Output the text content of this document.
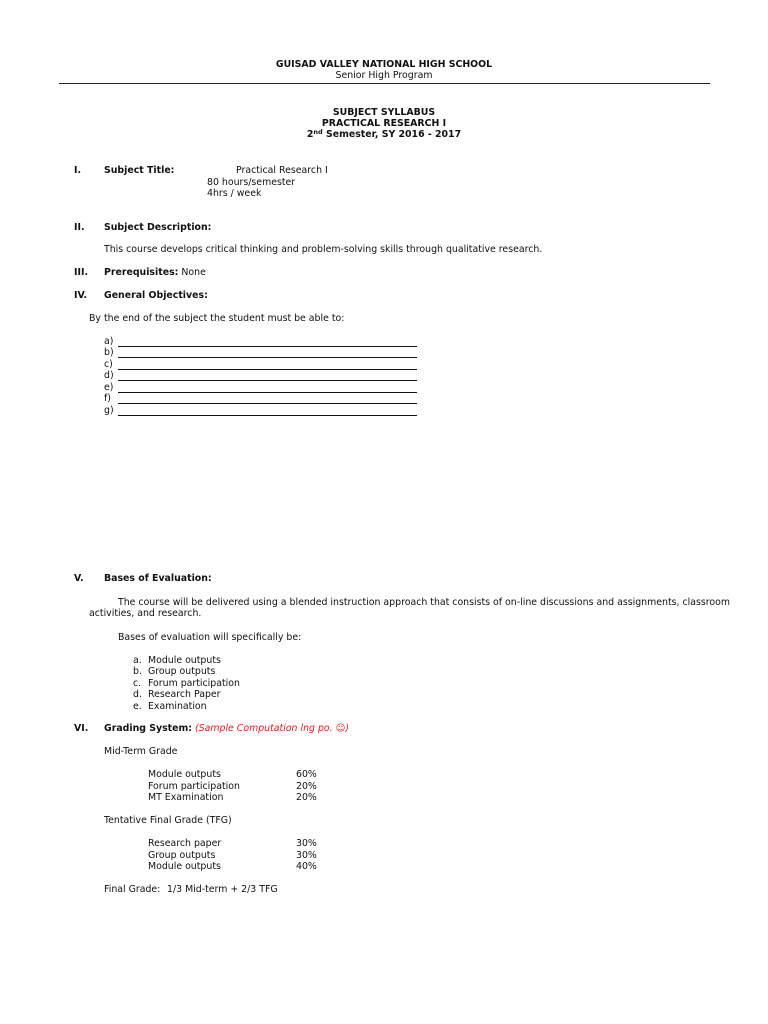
GUISAD VALLEY NATIONAL HIGH SCHOOL
Senior High Program
SUBJECT SYLLABUS
PRACTICAL RESEARCH I
2nd Semester, SY 2016 - 2017
I. Subject Title:	Practical Research I
80 hours/semester
4hrs / week
II. Subject Description:
This course develops critical thinking and problem-solving skills through qualitative research.
III. Prerequisites: None
IV. General Objectives:
By the end of the subject the student must be able to:
a)
b)
c)
d)
e)
f)
g)
V. Bases of Evaluation:
The course will be delivered using a blended instruction approach that consists of on-line discussions and assignments, classroom
activities, and research.
Bases of evaluation will specifically be:
a. Module outputs
b. Group outputs
c. Forum participation
d. Research Paper
e. Examination
VI. Grading System: (Sample Computation lng po. ☺)
Mid-Term Grade
Module outputs	60%
Forum participation	20%
MT Examination	20%
Tentative Final Grade (TFG)
Research paper	30%
Group outputs	30%
Module outputs	40%
Final Grade: 1/3 Mid-term + 2/3 TFG
